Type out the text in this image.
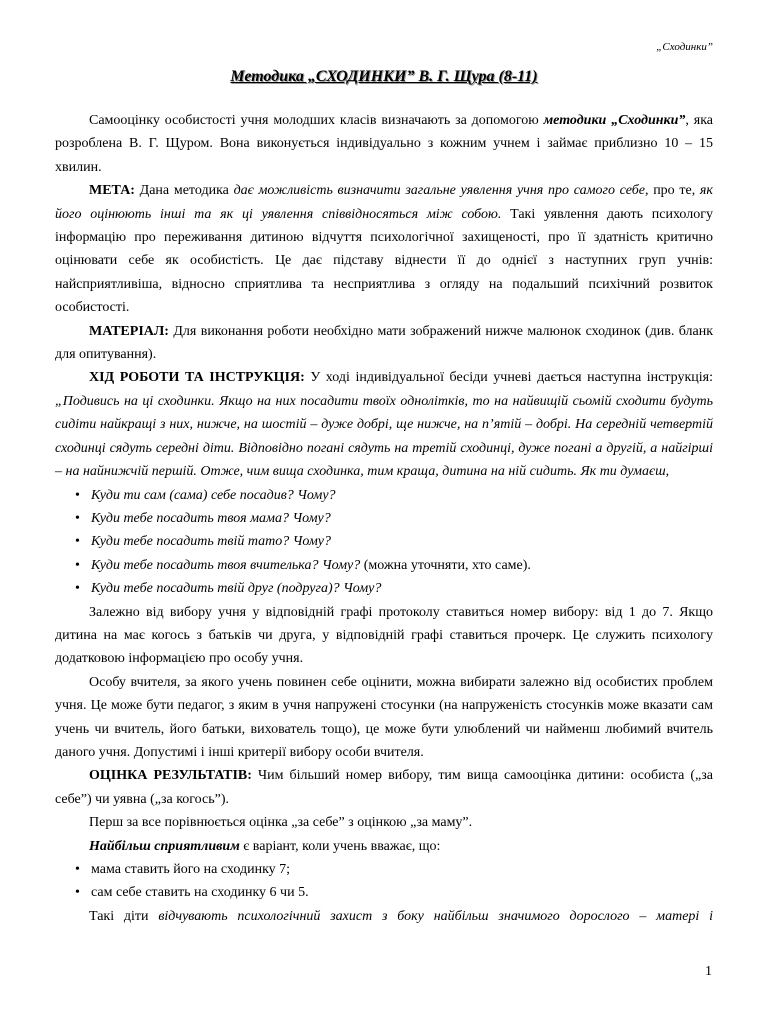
„Сходинки”
Методика „СХОДИНКИ” В. Г. Щура (8-11)

Самооцінку особистості учня молодших класів визначають за допомогою методики „Сходинки”, яка розроблена В. Г. Щуром. Вона виконується індивідуально з кожним учнем і займає приблизно 10 – 15 хвилин.

МЕТА: Дана методика дає можливість визначити загальне уявлення учня про самого себе, про те, як його оцінюють інші та як ці уявлення співвідносяться між собою. Такі уявлення дають психологу інформацію про переживання дитиною відчуття психологічної захищеності, про її здатність критично оцінювати себе як особистість. Це дає підставу віднести її до однієї з наступних груп учнів: найсприятливіша, відносно сприятлива та несприятлива з огляду на подальший психічний розвиток особистості.

МАТЕРІАЛ: Для виконання роботи необхідно мати зображений нижче малюнок сходинок (див. бланк для опитування).

ХІД РОБОТИ ТА ІНСТРУКЦІЯ: У ході індивідуальної бесіди учневі дається наступна інструкція: „Подивись на ці сходинки. Якщо на них посадити твоїх однолітків, то на найвищій сьомій сходити будуть сидіти найкращі з них, нижче, на шостій – дуже добрі, ще нижче, на п’ятій – добрі. На середній четвертій сходинці сядуть середні діти. Відповідно погані сядуть на третій сходинці, дуже погані а другій, а найгірші – на найнижчій першій. Отже, чим вища сходинка, тим краща, дитина на ній сидить. Як ти думаєш,

• Куди ти сам (сама) себе посадив? Чому?
• Куди тебе посадить твоя мама? Чому?
• Куди тебе посадить твій тато? Чому?
• Куди тебе посадить твоя вчителька? Чому? (можна уточняти, хто саме).
• Куди тебе посадить твій друг (подруга)? Чому?

Залежно від вибору учня у відповідній графі протоколу ставиться номер вибору: від 1 до 7. Якщо дитина на має когось з батьків чи друга, у відповідній графі ставиться прочерк. Це служить психологу додатковою інформацією про особу учня.

Особу вчителя, за якого учень повинен себе оцінити, можна вибирати залежно від особистих проблем учня. Це може бути педагог, з яким в учня напружені стосунки (на напруженість стосунків може вказати сам учень чи вчитель, його батьки, вихователь тощо), це може бути улюблений чи найменш любимий вчитель даного учня. Допустимі і інші критерії вибору особи вчителя.

ОЦІНКА РЕЗУЛЬТАТІВ: Чим більший номер вибору, тим вища самооцінка дитини: особиста („за себе”) чи уявна („за когось”).

Перш за все порівнюється оцінка „за себе” з оцінкою „за маму”.

Найбільш сприятливим є варіант, коли учень вважає, що:

• мама ставить його на сходинку 7;
• сам себе ставить на сходинку 6 чи 5.

Такі діти відчувають психологічний захист з боку найбільш значимого дорослого – матері і

1
